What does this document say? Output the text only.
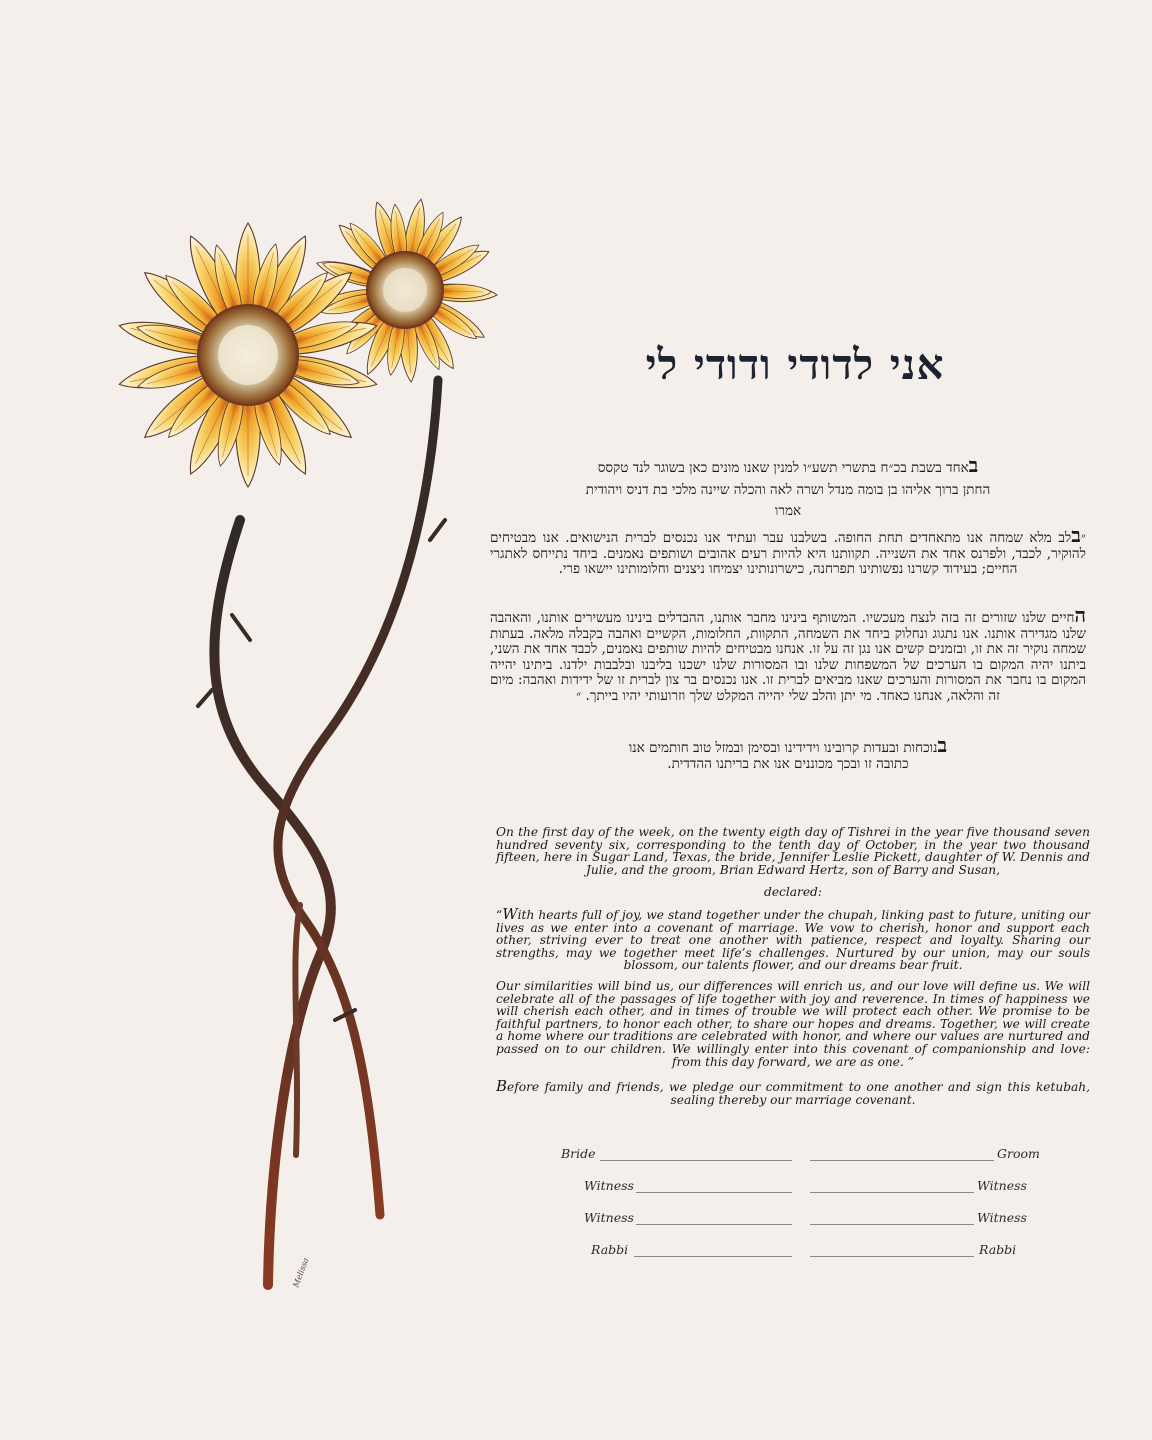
Melissa
אני לדודי ודודי לי
באחד בשבת בכ״ח בתשרי תשע״ו למנין שאנו מונים כאן בשוגר לנד טקסס
החתן ברוך אליהו בן בומה מנדל ושרה לאה והכלה שיינה מלכי בת דניס ויהודית
אמרו
״בלב מלא שמחה אנו מתאחדים תחת החופה. בשלבנו עבר ועתיד אנו נכנסים לברית הנישואים. אנו מבטיחים להוקיר, לכבד, ולפרנס אחד את השנייה. תקוותנו היא להיות רעים אהובים ושותפים נאמנים. ביחד נתייחס לאתגרי החיים; בעידוד קשרנו נפשותינו תפרחנה, כישרונותינו יצמיחו ניצנים וחלומותינו יישאו פרי.
החיים שלנו שזורים זה בזה לנצח מעכשיו. המשותף בינינו מחבר אותנו, ההבדלים בינינו מעשירים אותנו, והאהבה שלנו מגדירה אותנו. אנו נתגוג ונחלוק ביחד את השמחה, התקוות, החלומות, הקשיים ואהבה בקבלה מלאה. בעתות שמחה נוקיר זה את זו, ובזמנים קשים אנו נגן זה על זו. אנחנו מבטיחים להיות שותפים נאמנים, לכבד אחד את השני, ביתנו יהיה המקום בו הערכים של המשפחות שלנו ובו המסורות שלנו ישכנו בליבנו ובלבבות ילדנו. ביתינו יהייה המקום בו נחבר את המסורות והערכים שאנו מביאים לברית זו. אנו נכנסים בר צון לברית זו של ידידות ואהבה: מיום זה והלאה, אנחנו כאחד. מי יתן והלב שלי יהייה המקלט שלך וזרועותי יהיו בייתך. ״
בנוכחות ובעדות קרובינו וידידינו ובסימן ובמזל טוב חותמים אנו
כתובה זו ובכך מכוננים אנו את בריתנו ההדדית.
On the first day of the week, on the twenty eigth day of Tishrei in the year five thousand seven hundred seventy six, corresponding to the tenth day of October, in the year two thousand fifteen, here in Sugar Land, Texas, the bride, Jennifer Leslie Pickett, daughter of W. Dennis and Julie, and the groom, Brian Edward Hertz, son of Barry and Susan,
declared:
“With hearts full of joy, we stand together under the chupah, linking past to future, uniting our lives as we enter into a covenant of marriage. We vow to cherish, honor and support each other, striving ever to treat one another with patience, respect and loyalty. Sharing our strengths, may we together meet life’s challenges. Nurtured by our union, may our souls blossom, our talents flower, and our dreams bear fruit.
Our similarities will bind us, our differences will enrich us, and our love will define us. We will celebrate all of the passages of life together with joy and reverence. In times of happiness we will cherish each other, and in times of trouble we will protect each other. We promise to be faithful partners, to honor each other, to share our hopes and dreams. Together, we will create a home where our traditions are celebrated with honor, and where our values are nurtured and passed on to our children. We willingly enter into this covenant of companionship and love: from this day forward, we are as one. ”
Before family and friends, we pledge our commitment to one another and sign this ketubah, sealing thereby our marriage covenant.
Bride	Groom
Witness	Witness
Witness	Witness
Rabbi	Rabbi
